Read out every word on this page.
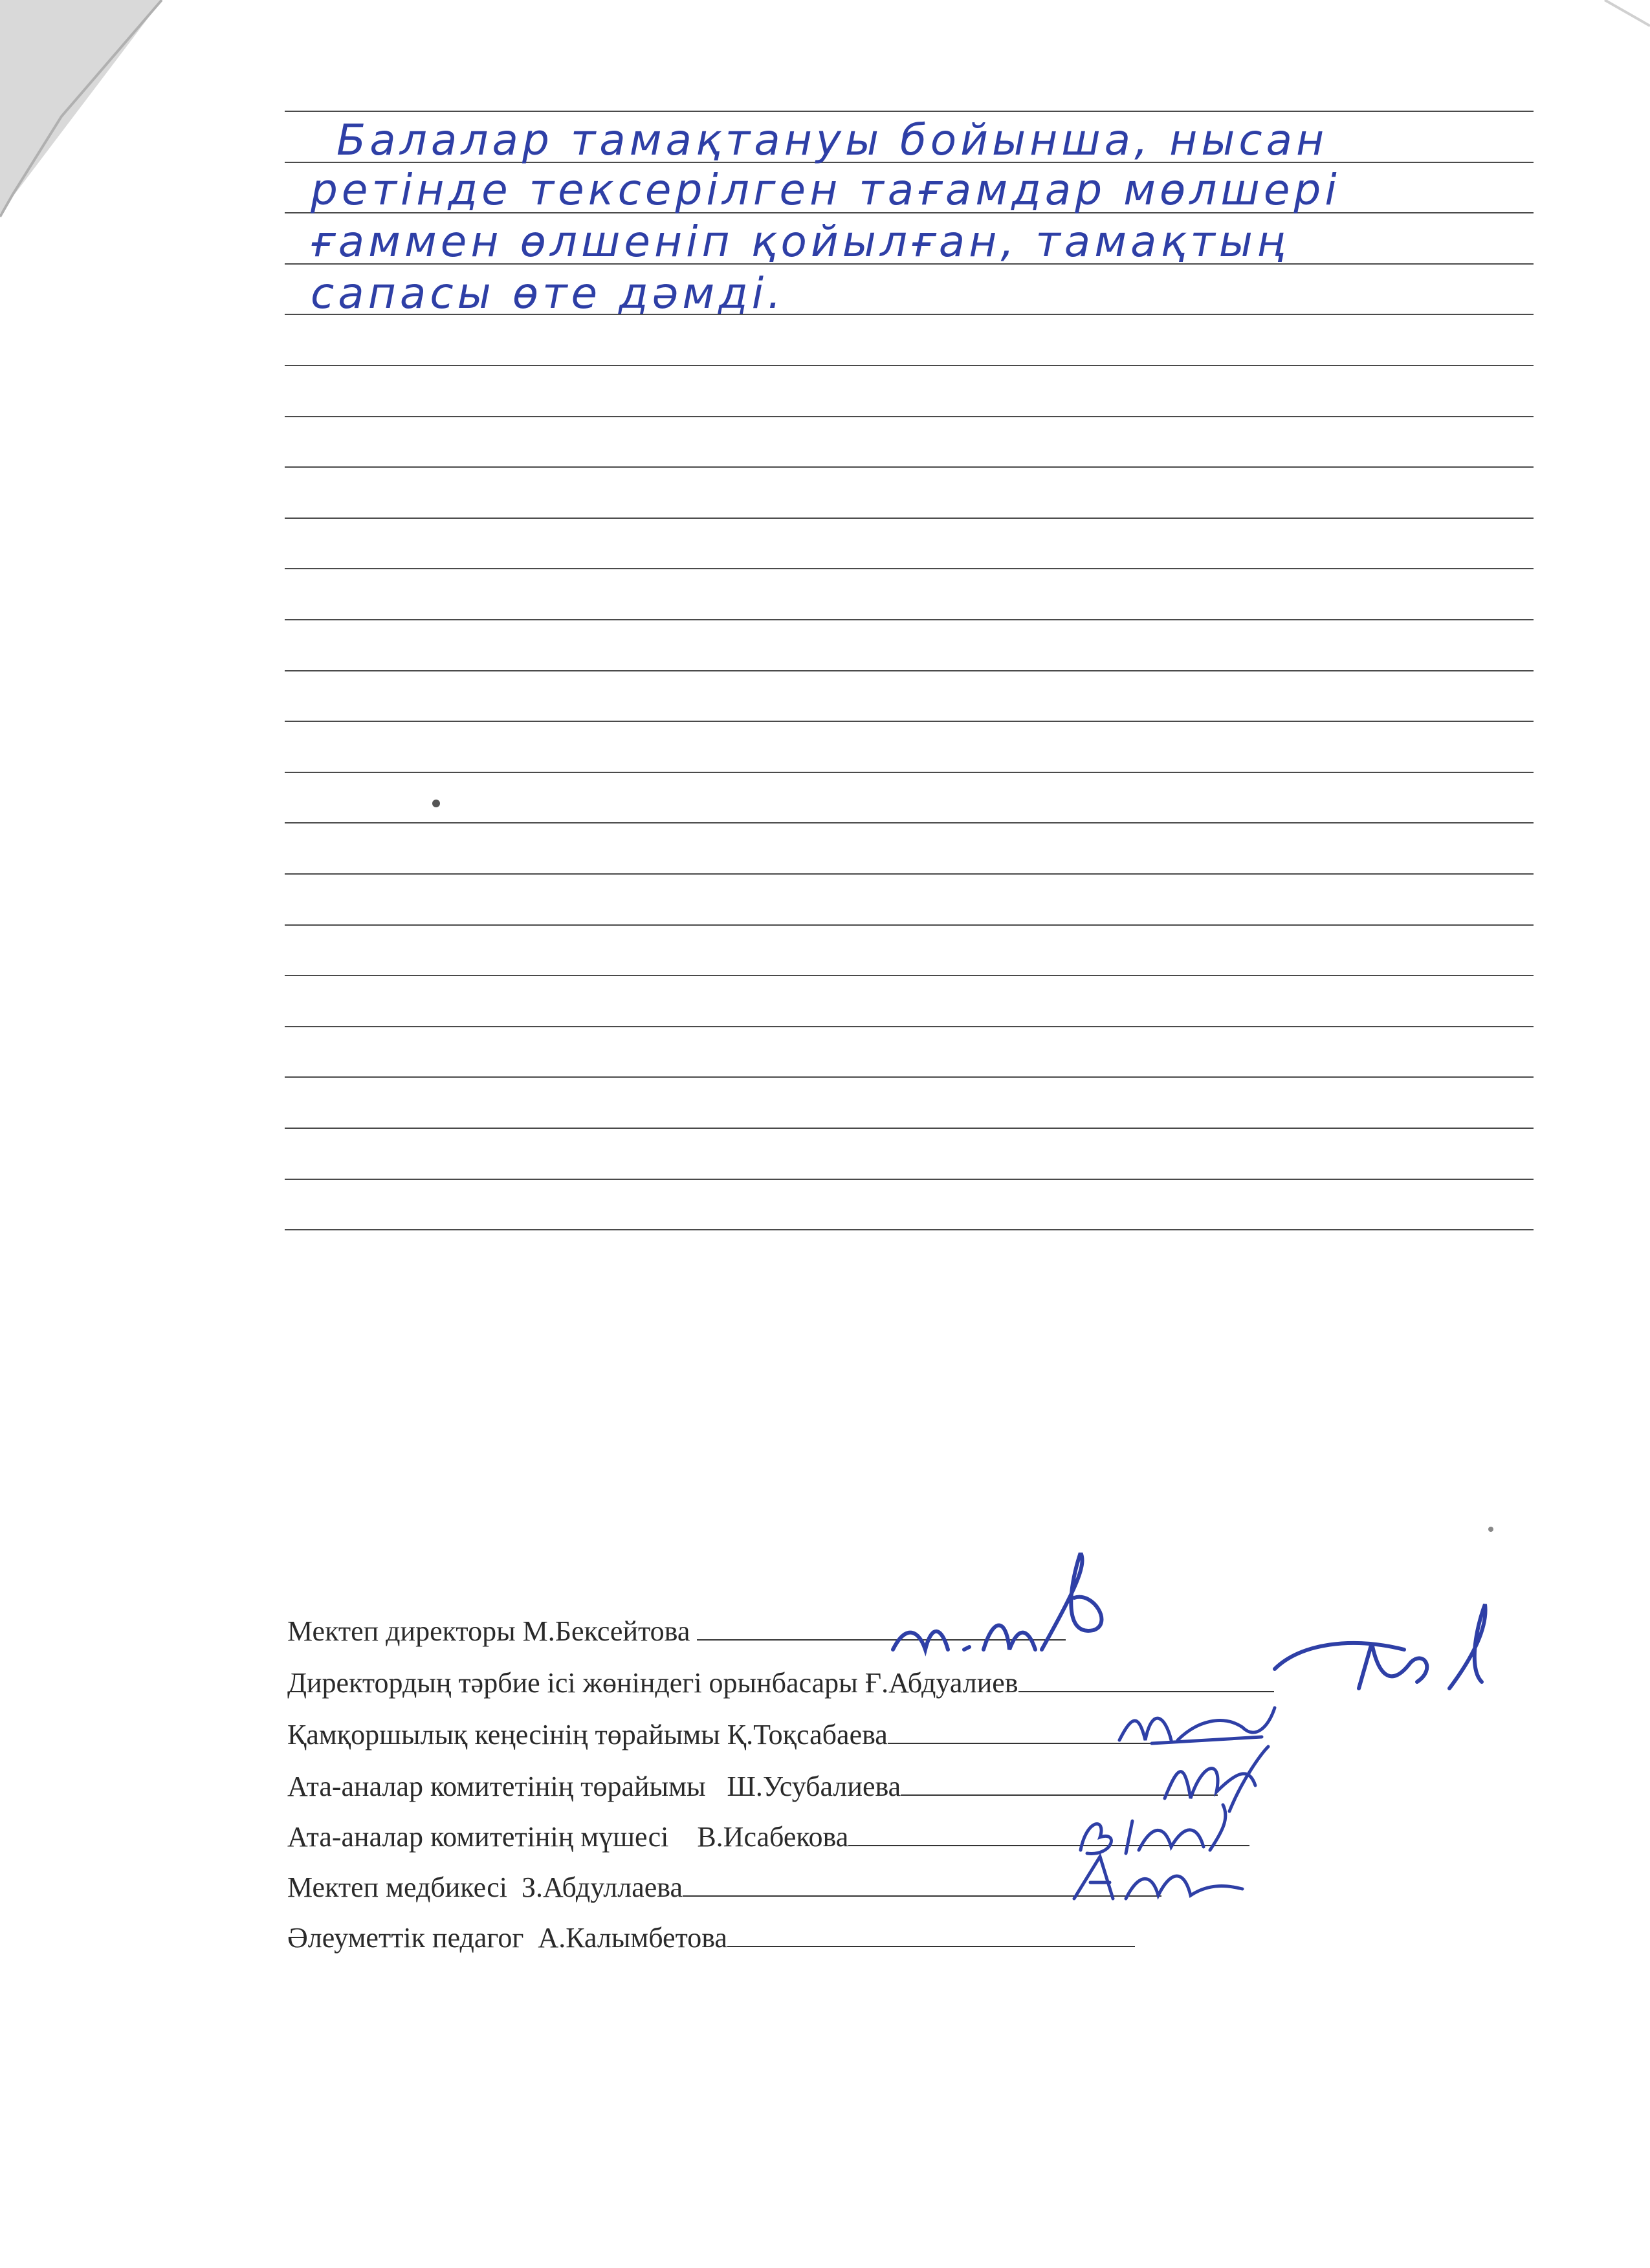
Балалар тамақтануы бойынша, нысан
ретінде тексерілген тағамдар мөлшері
ғаммен өлшеніп қойылған, тамақтың
сапасы өте дәмді.
Мектеп директоры М.Бексейтова
Директордың тәрбие ісі жөніндегі орынбасары Ғ.Абдуалиев
Қамқоршылық кеңесінің төрайымы Қ.Тоқсабаева
Ата-аналар комитетінің төрайымы   Ш.Усубалиева
Ата-аналар комитетінің мүшесі    В.Исабекова
Мектеп медбикесі  З.Абдуллаева
Әлеуметтік педагог  А.Калымбетова
